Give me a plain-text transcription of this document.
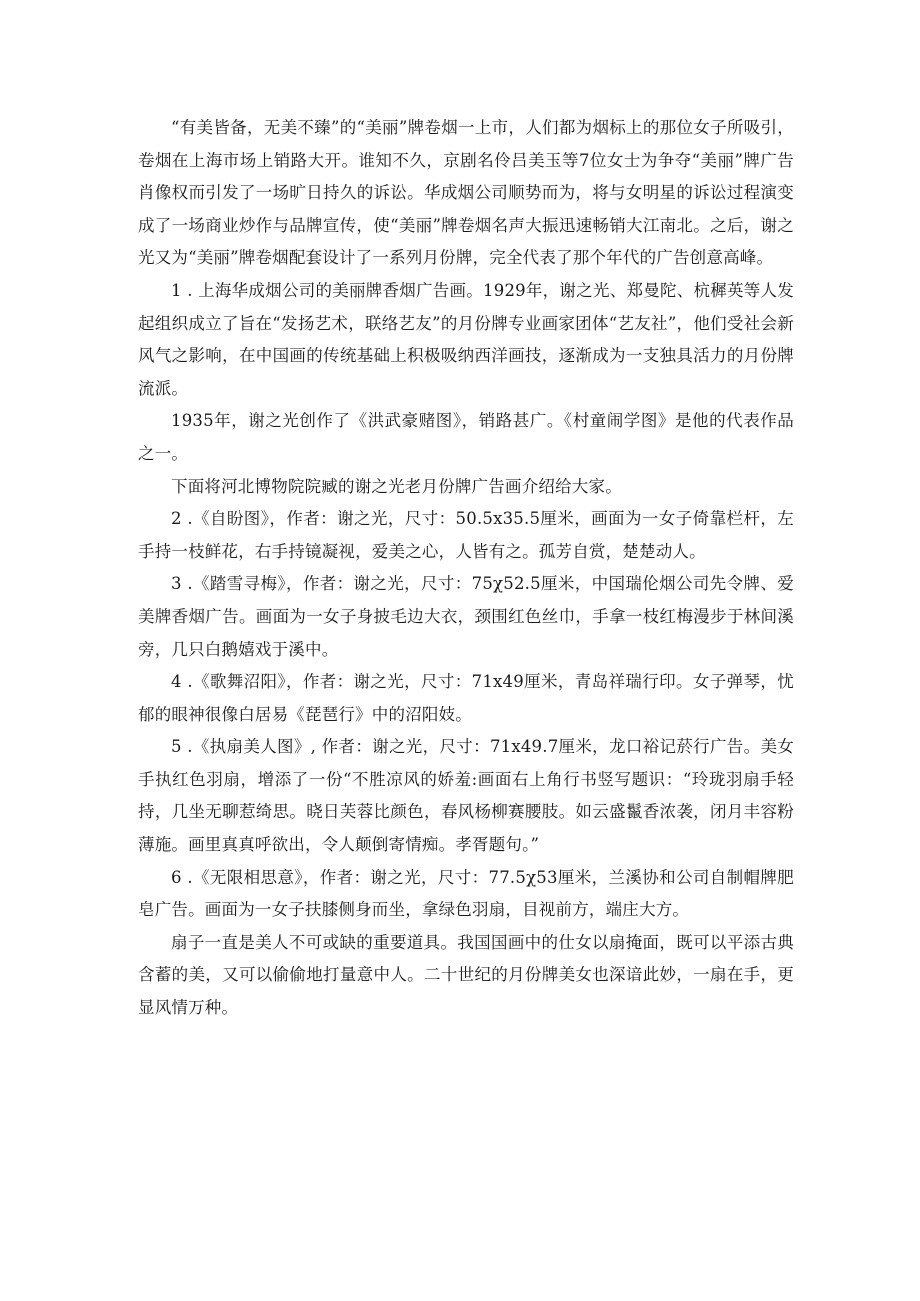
“有美皆备，无美不臻”的“美丽”牌卷烟一上市，人们都为烟标上的那位女子所吸引，卷烟在上海市场上销路大开。谁知不久，京剧名伶吕美玉等7位女士为争夺“美丽”牌广告肖像权而引发了一场旷日持久的诉讼。华成烟公司顺势而为，将与女明星的诉讼过程演变成了一场商业炒作与品牌宣传，使“美丽”牌卷烟名声大振迅速畅销大江南北。之后，谢之光又为“美丽”牌卷烟配套设计了一系列月份牌，完全代表了那个年代的广告创意高峰。

1 . 上海华成烟公司的美丽牌香烟广告画。1929年，谢之光、郑曼陀、杭穉英等人发起组织成立了旨在“发扬艺术，联络艺友”的月份牌专业画家团体“艺友社”，他们受社会新风气之影响，在中国画的传统基础上积极吸纳西洋画技，逐渐成为一支独具活力的月份牌流派。

1935年，谢之光创作了《洪武豪赌图》，销路甚广。《村童闹学图》是他的代表作品之一。

下面将河北博物院院臧的谢之光老月份牌广告画介绍给大家。

2 .《自盼图》，作者：谢之光，尺寸：50.5x35.5厘米，画面为一女子倚靠栏杆，左手持一枝鲜花，右手持镜凝视，爱美之心，人皆有之。孤芳自赏，楚楚动人。

3 .《踏雪寻梅》，作者：谢之光，尺寸：75χ52.5厘米，中国瑞伦烟公司先令牌、爱美牌香烟广告。画面为一女子身披毛边大衣，颈围红色丝巾，手拿一枝红梅漫步于林间溪旁，几只白鹅嬉戏于溪中。

4 .《歌舞沼阳》，作者：谢之光，尺寸：71x49厘米，青岛祥瑞行印。女子弹琴，忧郁的眼神很像白居易《琵琶行》中的沼阳妓。

5 .《执扇美人图》, 作者：谢之光，尺寸：71x49.7厘米，龙口裕记菸行广告。美女手执红色羽扇，增添了一份“不胜凉风的娇羞:画面右上角行书竖写题识：“玲珑羽扇手轻持，几坐无聊惹绮思。晓日芙蓉比颜色，春风杨柳赛腰肢。如云盛鬣香浓袭，闭月丰容粉薄施。画里真真呼欲出，令人颠倒寄情痴。孝胥题句。”

6 .《无限相思意》，作者：谢之光，尺寸：77.5χ53厘米，兰溪协和公司自制帽牌肥皂广告。画面为一女子扶膝侧身而坐，拿绿色羽扇，目视前方，端庄大方。

扇子一直是美人不可或缺的重要道具。我国国画中的仕女以扇掩面，既可以平添古典含蓄的美，又可以偷偷地打量意中人。二十世纪的月份牌美女也深谙此妙，一扇在手，更显风情万种。
